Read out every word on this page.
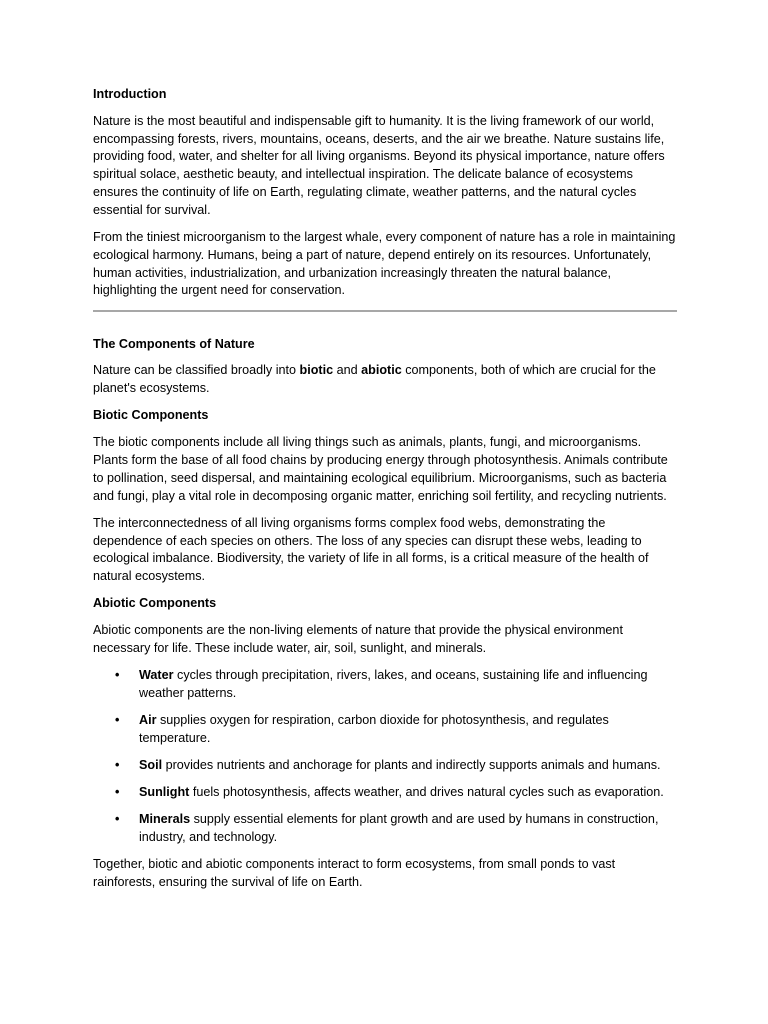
Introduction

Nature is the most beautiful and indispensable gift to humanity. It is the living framework of our world, encompassing forests, rivers, mountains, oceans, deserts, and the air we breathe. Nature sustains life, providing food, water, and shelter for all living organisms. Beyond its physical importance, nature offers spiritual solace, aesthetic beauty, and intellectual inspiration. The delicate balance of ecosystems ensures the continuity of life on Earth, regulating climate, weather patterns, and the natural cycles essential for survival.

From the tiniest microorganism to the largest whale, every component of nature has a role in maintaining ecological harmony. Humans, being a part of nature, depend entirely on its resources. Unfortunately, human activities, industrialization, and urbanization increasingly threaten the natural balance, highlighting the urgent need for conservation.

The Components of Nature

Nature can be classified broadly into biotic and abiotic components, both of which are crucial for the planet's ecosystems.

Biotic Components

The biotic components include all living things such as animals, plants, fungi, and microorganisms. Plants form the base of all food chains by producing energy through photosynthesis. Animals contribute to pollination, seed dispersal, and maintaining ecological equilibrium. Microorganisms, such as bacteria and fungi, play a vital role in decomposing organic matter, enriching soil fertility, and recycling nutrients.

The interconnectedness of all living organisms forms complex food webs, demonstrating the dependence of each species on others. The loss of any species can disrupt these webs, leading to ecological imbalance. Biodiversity, the variety of life in all forms, is a critical measure of the health of natural ecosystems.

Abiotic Components

Abiotic components are the non-living elements of nature that provide the physical environment necessary for life. These include water, air, soil, sunlight, and minerals.

• Water cycles through precipitation, rivers, lakes, and oceans, sustaining life and influencing weather patterns.
• Air supplies oxygen for respiration, carbon dioxide for photosynthesis, and regulates temperature.
• Soil provides nutrients and anchorage for plants and indirectly supports animals and humans.
• Sunlight fuels photosynthesis, affects weather, and drives natural cycles such as evaporation.
• Minerals supply essential elements for plant growth and are used by humans in construction, industry, and technology.

Together, biotic and abiotic components interact to form ecosystems, from small ponds to vast rainforests, ensuring the survival of life on Earth.
